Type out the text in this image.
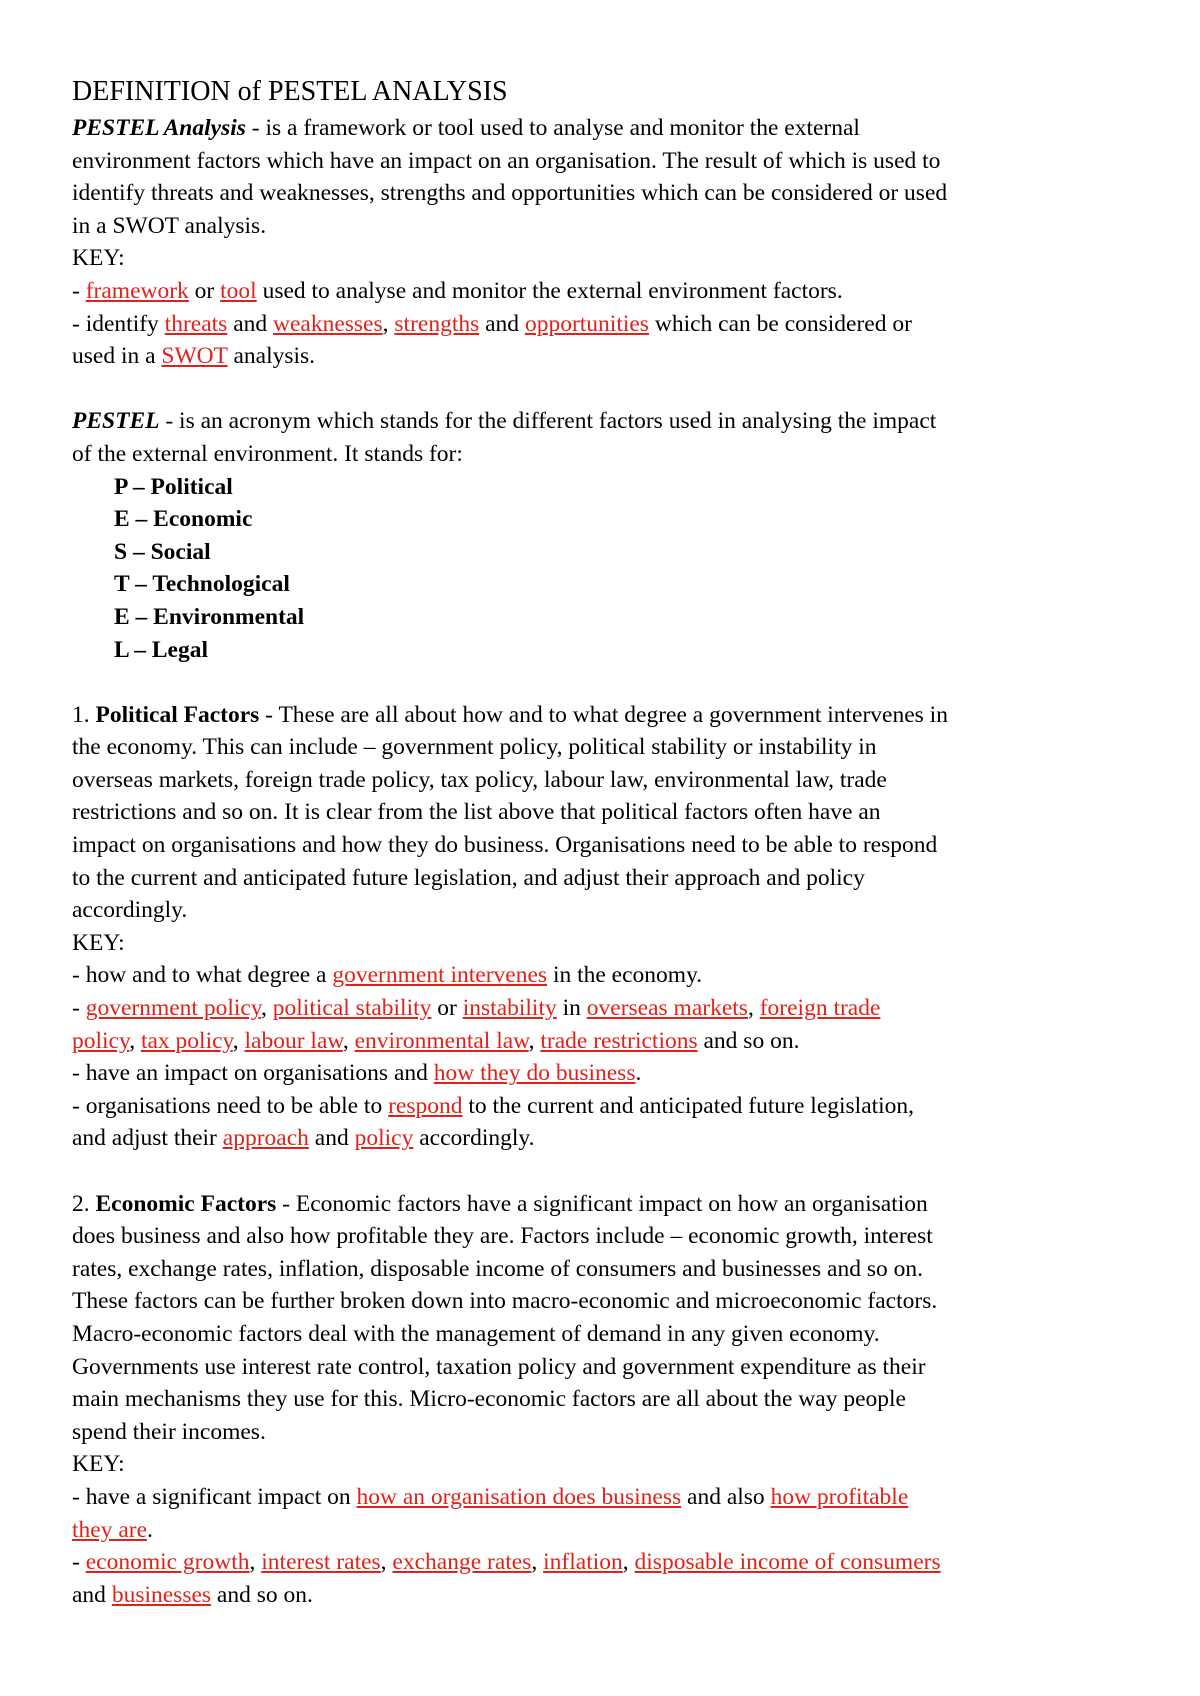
DEFINITION of PESTEL ANALYSIS
PESTEL Analysis - is a framework or tool used to analyse and monitor the external
environment factors which have an impact on an organisation. The result of which is used to
identify threats and weaknesses, strengths and opportunities which can be considered or used
in a SWOT analysis.
KEY:
- framework or tool used to analyse and monitor the external environment factors.
- identify threats and weaknesses, strengths and opportunities which can be considered or
used in a SWOT analysis.
PESTEL - is an acronym which stands for the different factors used in analysing the impact
of the external environment. It stands for:
P – Political
E – Economic
S – Social
T – Technological
E – Environmental
L – Legal
1. Political Factors - These are all about how and to what degree a government intervenes in
the economy. This can include – government policy, political stability or instability in
overseas markets, foreign trade policy, tax policy, labour law, environmental law, trade
restrictions and so on. It is clear from the list above that political factors often have an
impact on organisations and how they do business. Organisations need to be able to respond
to the current and anticipated future legislation, and adjust their approach and policy
accordingly.
KEY:
- how and to what degree a government intervenes in the economy.
- government policy, political stability or instability in overseas markets, foreign trade
policy, tax policy, labour law, environmental law, trade restrictions and so on.
- have an impact on organisations and how they do business.
- organisations need to be able to respond to the current and anticipated future legislation,
and adjust their approach and policy accordingly.
2. Economic Factors - Economic factors have a significant impact on how an organisation
does business and also how profitable they are. Factors include – economic growth, interest
rates, exchange rates, inflation, disposable income of consumers and businesses and so on.
These factors can be further broken down into macro-economic and microeconomic factors.
Macro-economic factors deal with the management of demand in any given economy.
Governments use interest rate control, taxation policy and government expenditure as their
main mechanisms they use for this. Micro-economic factors are all about the way people
spend their incomes.
KEY:
- have a significant impact on how an organisation does business and also how profitable
they are.
- economic growth, interest rates, exchange rates, inflation, disposable income of consumers
and businesses and so on.
